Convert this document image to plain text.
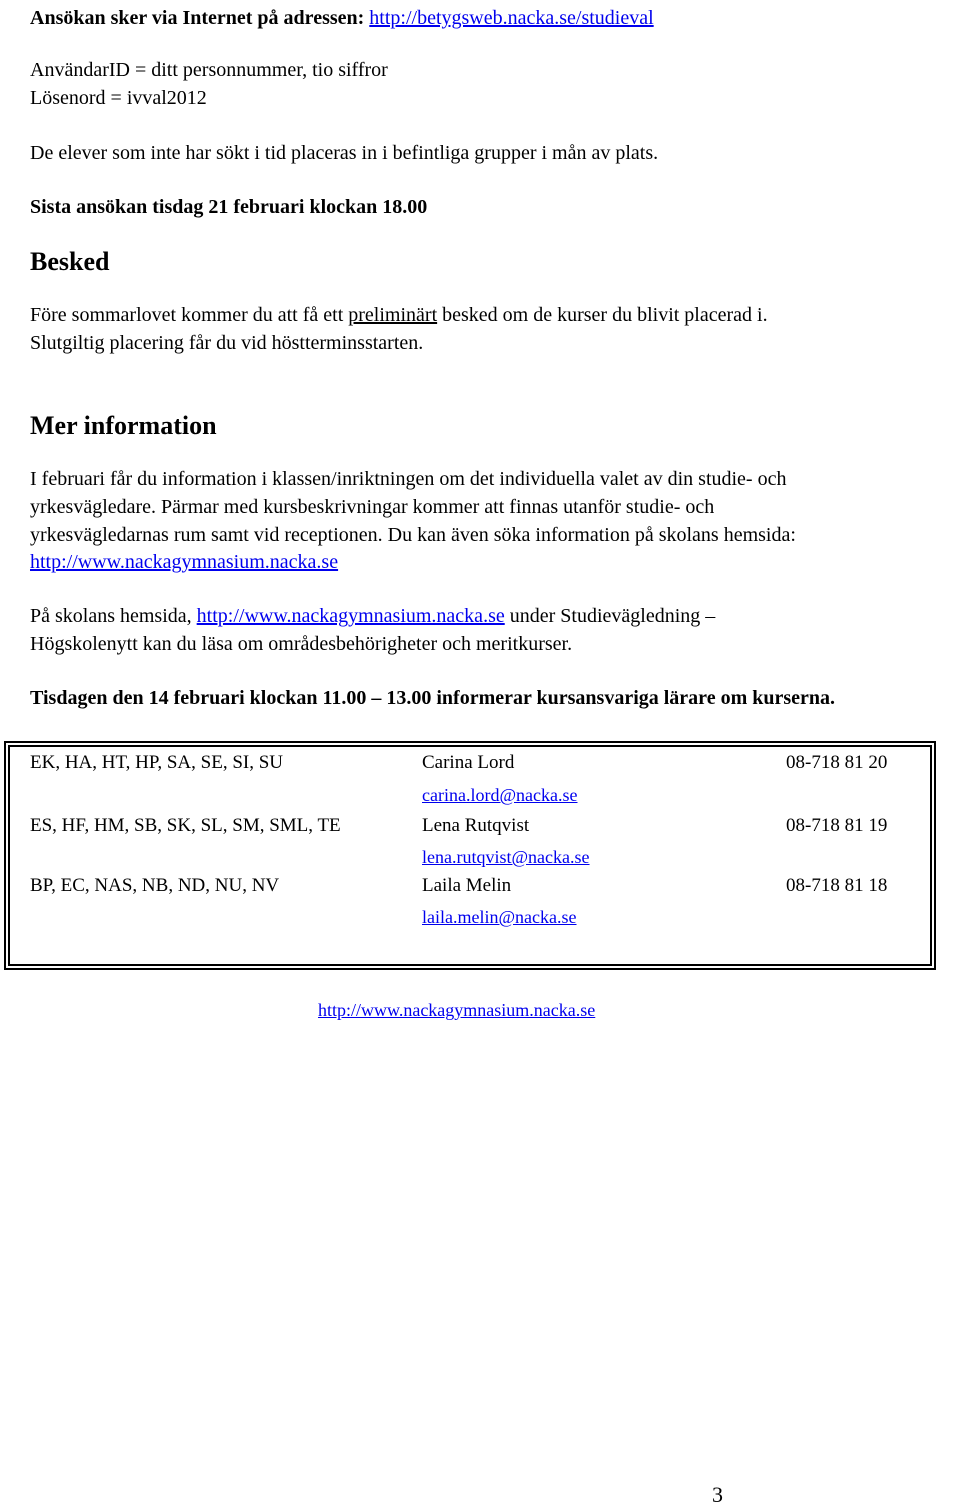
Ansökan sker via Internet på adressen: http://betygsweb.nacka.se/studieval
AnvändarID = ditt personnummer, tio siffror
Lösenord = ivval2012
De elever som inte har sökt i tid placeras in i befintliga grupper i mån av plats.
Sista ansökan tisdag 21 februari klockan 18.00
Besked
Före sommarlovet kommer du att få ett preliminärt besked om de kurser du blivit placerad i.
Slutgiltig placering får du vid höstterminsstarten.
Mer information
I februari får du information i klassen/inriktningen om det individuella valet av din studie- och
yrkesvägledare. Pärmar med kursbeskrivningar kommer att finnas utanför studie- och
yrkesvägledarnas rum samt vid receptionen. Du kan även söka information på skolans hemsida:
http://www.nackagymnasium.nacka.se
På skolans hemsida, http://www.nackagymnasium.nacka.se under Studievägledning –
Högskolenytt kan du läsa om områdesbehörigheter och meritkurser.
Tisdagen den 14 februari klockan 11.00 – 13.00 informerar kursansvariga lärare om kurserna.
EK, HA, HT, HP, SA, SE, SI, SU	Carina Lord	08-718 81 20
carina.lord@nacka.se
ES, HF, HM, SB, SK, SL, SM, SML, TE	Lena Rutqvist	08-718 81 19
lena.rutqvist@nacka.se
BP, EC, NAS, NB, ND, NU, NV	Laila Melin	08-718 81 18
laila.melin@nacka.se
http://www.nackagymnasium.nacka.se
3
